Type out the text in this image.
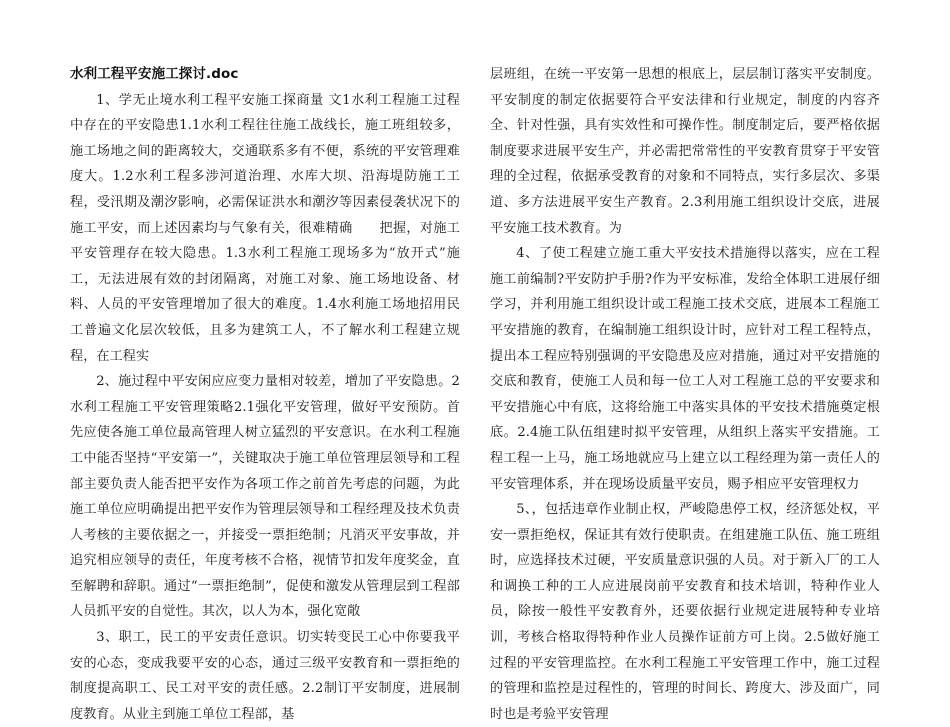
水利工程平安施工探讨.doc

1、学无止境水利工程平安施工探商量 文1水利工程施工过程中存在的平安隐患1.1水利工程往往施工战线长，施工班组较多，施工场地之间的距离较大，交通联系多有不便，系统的平安管理难度大。1.2水利工程多涉河道治理、水库大坝、沿海堤防施工工程，受汛期及潮汐影响，必需保证洪水和潮汐等因素侵袭状况下的施工平安，而上述因素均与气象有关，很难精确　　把握，对施工平安管理存在较大隐患。1.3水利工程施工现场多为“放开式”施工，无法进展有效的封闭隔离，对施工对象、施工场地设备、材料、人员的平安管理增加了很大的难度。1.4水利施工场地招用民工普遍文化层次较低，且多为建筑工人，不了解水利工程建立规程，在工程实

2、施过程中平安闲应应变力量相对较差，增加了平安隐患。2水利工程施工平安管理策略2.1强化平安管理，做好平安预防。首先应使各施工单位最高管理人树立猛烈的平安意识。在水利工程施工中能否坚持“平安第一”，关键取决于施工单位管理层领导和工程部主要负责人能否把平安作为各项工作之前首先考虑的问题，为此施工单位应明确提出把平安作为管理层领导和工程经理及技术负责人考核的主要依据之一，并接受一票拒绝制；凡消灭平安事故，并追究相应领导的责任，年度考核不合格，视情节扣发年度奖金，直至解聘和辞职。通过“一票拒绝制”，促使和激发从管理层到工程部人员抓平安的自觉性。其次，以人为本，强化宽敞

3、职工，民工的平安责任意识。切实转变民工心中你要我平安的心态，变成我要平安的心态，通过三级平安教育和一票拒绝的制度提高职工、民工对平安的责任感。2.2制订平安制度，进展制度教育。从业主到施工单位工程部，基

层班组，在统一平安第一思想的根底上，层层制订落实平安制度。平安制度的制定依据要符合平安法律和行业规定，制度的内容齐全、针对性强，具有实效性和可操作性。制度制定后，要严格依据制度要求进展平安生产，并必需把常常性的平安教育贯穿于平安管理的全过程，依据承受教育的对象和不同特点，实行多层次、多渠道、多方法进展平安生产教育。2.3利用施工组织设计交底，进展平安施工技术教育。为

4、了使工程建立施工重大平安技术措施得以落实，应在工程施工前编制?平安防护手册?作为平安标准，发给全体职工进展仔细学习，并利用施工组织设计或工程施工技术交底，进展本工程施工平安措施的教育，在编制施工组织设计时，应针对工程工程特点，提出本工程应特别强调的平安隐患及应对措施，通过对平安措施的交底和教育，使施工人员和每一位工人对工程施工总的平安要求和平安措施心中有底，这将给施工中落实具体的平安技术措施奠定根底。2.4施工队伍组建时拟平安管理，从组织上落实平安措施。工程工程一上马，施工场地就应马上建立以工程经理为第一责任人的平安管理体系，并在现场设质量平安员，赐予相应平安管理权力

5、，包括违章作业制止权，严峻隐患停工权，经济惩处权，平安一票拒绝权，保证其有效行使职责。在组建施工队伍、施工班组时，应选择技术过硬，平安质量意识强的人员。对于新入厂的工人和调换工种的工人应进展岗前平安教育和技术培训，特种作业人员，除按一般性平安教育外，还要依据行业规定进展特种专业培训，考核合格取得特种作业人员操作证前方可上岗。2.5做好施工过程的平安管理监控。在水利工程施工平安管理工作中，施工过程的管理和监控是过程性的，管理的时间长、跨度大、涉及面广，同时也是考验平安管理
